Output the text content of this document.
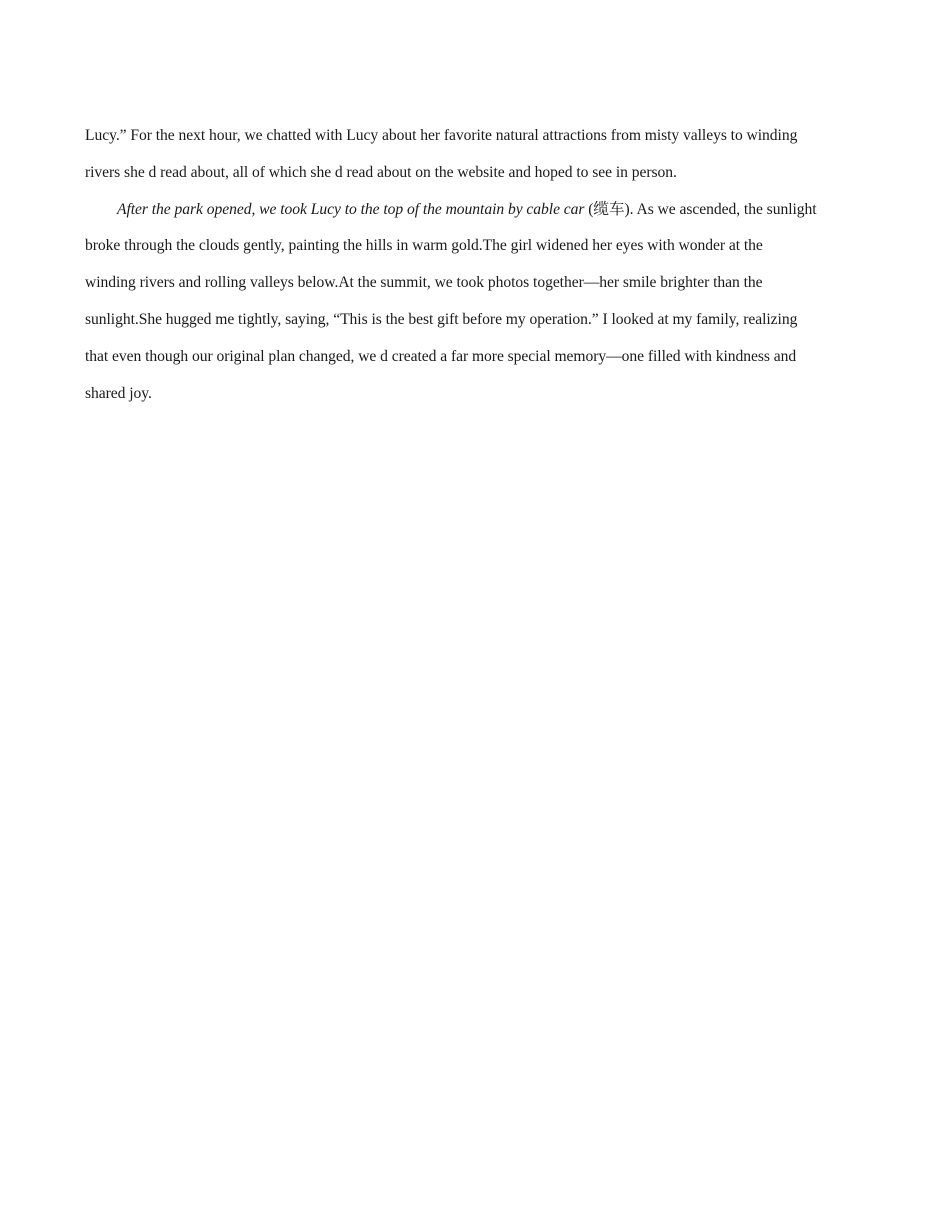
Lucy.” For the next hour, we chatted with Lucy about her favorite natural attractions from misty valleys to winding
rivers she d read about, all of which she d read about on the website and hoped to see in person.
After the park opened, we took Lucy to the top of the mountain by cable car (缆车). As we ascended, the sunlight
broke through the clouds gently, painting the hills in warm gold.The girl widened her eyes with wonder at the
winding rivers and rolling valleys below.At the summit, we took photos together—her smile brighter than the
sunlight.She hugged me tightly, saying, “This is the best gift before my operation.” I looked at my family, realizing
that even though our original plan changed, we d created a far more special memory—one filled with kindness and
shared joy.
